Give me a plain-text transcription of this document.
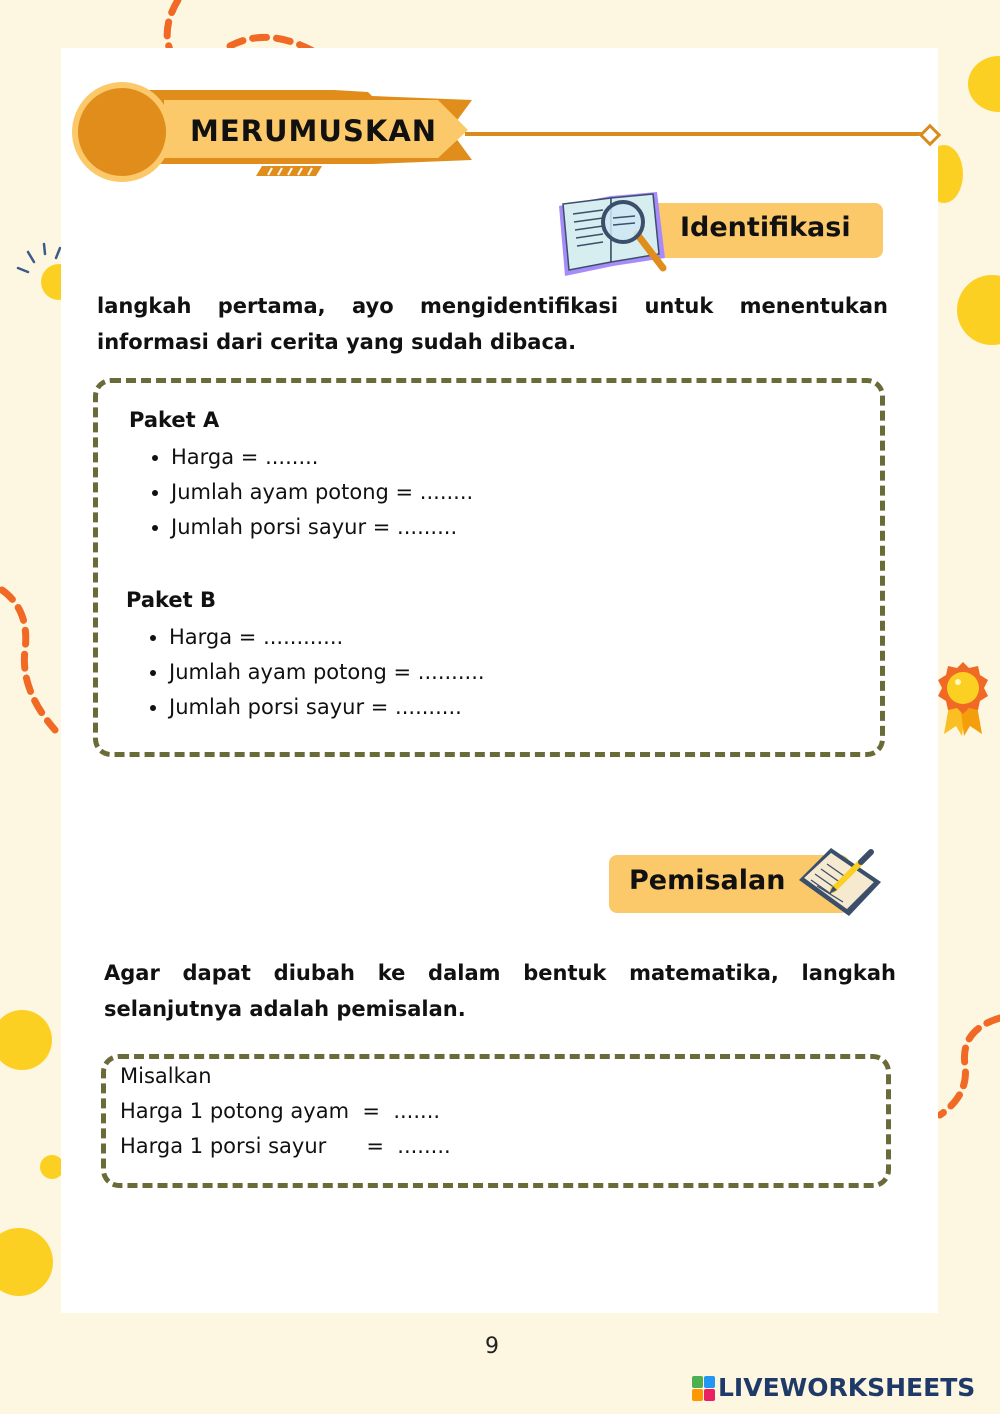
MERUMUSKAN
Identifikasi
langkah pertama, ayo mengidentifikasi untuk menentukan informasi dari cerita yang sudah dibaca.
Paket A
• Harga = ........
• Jumlah ayam potong = ........
• Jumlah porsi sayur = .........
Paket B
• Harga = ............
• Jumlah ayam potong = ..........
• Jumlah porsi sayur = ..........
Pemisalan
Agar dapat diubah ke dalam bentuk matematika, langkah selanjutnya adalah pemisalan.
Misalkan
Harga 1 potong ayam  =  .......
Harga 1 porsi sayur      =  ........
9
LIVEWORKSHEETS
